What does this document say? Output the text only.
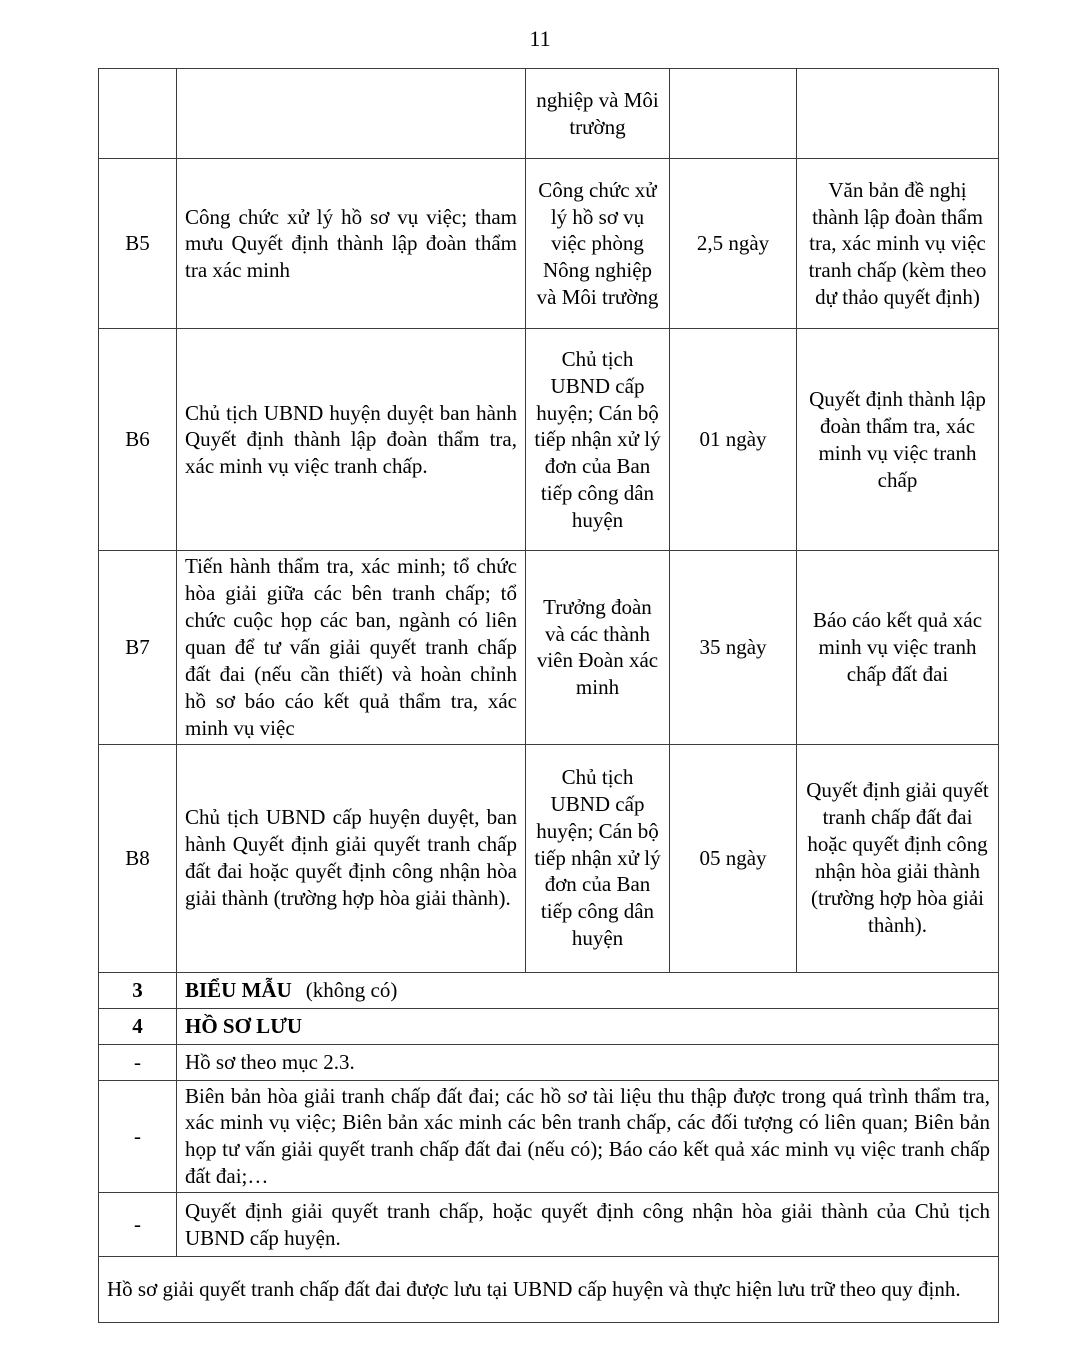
11
		nghiệp và Môi trường		
B5	Công chức xử lý hồ sơ vụ việc; tham mưu Quyết định thành lập đoàn thẩm tra xác minh	Công chức xử lý hồ sơ vụ việc phòng Nông nghiệp và Môi trường	2,5 ngày	Văn bản đề nghị thành lập đoàn thẩm tra, xác minh vụ việc tranh chấp (kèm theo dự thảo quyết định)
B6	Chủ tịch UBND huyện duyệt ban hành Quyết định thành lập đoàn thẩm tra, xác minh vụ việc tranh chấp.	Chủ tịch UBND cấp huyện; Cán bộ tiếp nhận xử lý đơn của Ban tiếp công dân huyện	01 ngày	Quyết định thành lập đoàn thẩm tra, xác minh vụ việc tranh chấp
B7	Tiến hành thẩm tra, xác minh; tổ chức hòa giải giữa các bên tranh chấp; tổ chức cuộc họp các ban, ngành có liên quan để tư vấn giải quyết tranh chấp đất đai (nếu cần thiết) và hoàn chỉnh hồ sơ báo cáo kết quả thẩm tra, xác minh vụ việc	Trưởng đoàn và các thành viên Đoàn xác minh	35 ngày	Báo cáo kết quả xác minh vụ việc tranh chấp đất đai
B8	Chủ tịch UBND cấp huyện duyệt, ban hành Quyết định giải quyết tranh chấp đất đai hoặc quyết định công nhận hòa giải thành (trường hợp hòa giải thành).	Chủ tịch UBND cấp huyện; Cán bộ tiếp nhận xử lý đơn của Ban tiếp công dân huyện	05 ngày	Quyết định giải quyết tranh chấp đất đai hoặc quyết định công nhận hòa giải thành (trường hợp hòa giải thành).
3	BIỂU MẪU (không có)			
4	HỒ SƠ LƯU			
-	Hồ sơ theo mục 2.3.			
-	Biên bản hòa giải tranh chấp đất đai; các hồ sơ tài liệu thu thập được trong quá trình thẩm tra, xác minh vụ việc; Biên bản xác minh các bên tranh chấp, các đối tượng có liên quan; Biên bản họp tư vấn giải quyết tranh chấp đất đai (nếu có); Báo cáo kết quả xác minh vụ việc tranh chấp đất đai;…			
-	Quyết định giải quyết tranh chấp, hoặc quyết định công nhận hòa giải thành của Chủ tịch UBND cấp huyện.			
Hồ sơ giải quyết tranh chấp đất đai được lưu tại UBND cấp huyện và thực hiện lưu trữ theo quy định.				
